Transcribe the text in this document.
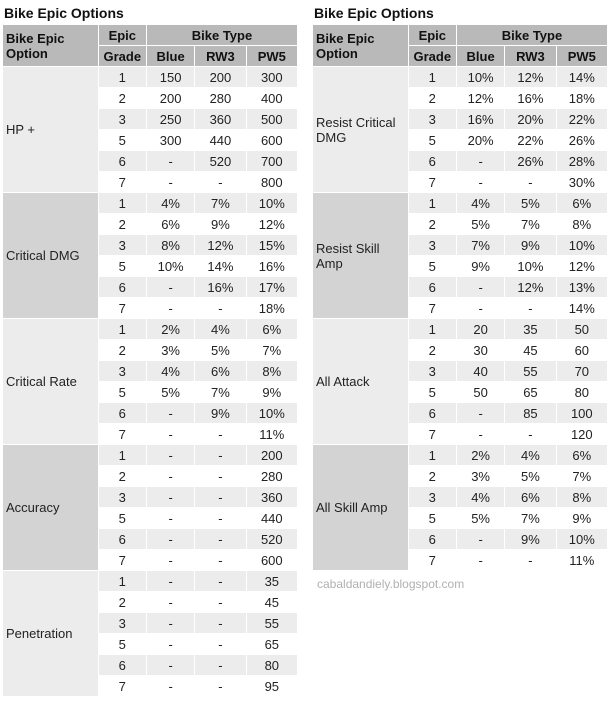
Bike Epic Options
Bike Epic Option	Epic	Bike Type		
	Grade	Blue	RW3	PW5
HP +	1	150	200	300
	2	200	280	400
	3	250	360	500
	5	300	440	600
	6	-	520	700
	7	-	-	800
Critical DMG	1	4%	7%	10%
	2	6%	9%	12%
	3	8%	12%	15%
	5	10%	14%	16%
	6	-	16%	17%
	7	-	-	18%
Critical Rate	1	2%	4%	6%
	2	3%	5%	7%
	3	4%	6%	8%
	5	5%	7%	9%
	6	-	9%	10%
	7	-	-	11%
Accuracy	1	-	-	200
	2	-	-	280
	3	-	-	360
	5	-	-	440
	6	-	-	520
	7	-	-	600
Penetration	1	-	-	35
	2	-	-	45
	3	-	-	55
	5	-	-	65
	6	-	-	80
	7	-	-	95
Bike Epic Options
Bike Epic Option	Epic	Bike Type		
	Grade	Blue	RW3	PW5
Resist Critical DMG	1	10%	12%	14%
	2	12%	16%	18%
	3	16%	20%	22%
	5	20%	22%	26%
	6	-	26%	28%
	7	-	-	30%
Resist Skill Amp	1	4%	5%	6%
	2	5%	7%	8%
	3	7%	9%	10%
	5	9%	10%	12%
	6	-	12%	13%
	7	-	-	14%
All Attack	1	20	35	50
	2	30	45	60
	3	40	55	70
	5	50	65	80
	6	-	85	100
	7	-	-	120
All Skill Amp	1	2%	4%	6%
	2	3%	5%	7%
	3	4%	6%	8%
	5	5%	7%	9%
	6	-	9%	10%
	7	-	-	11%
cabaldandiely.blogspot.com
